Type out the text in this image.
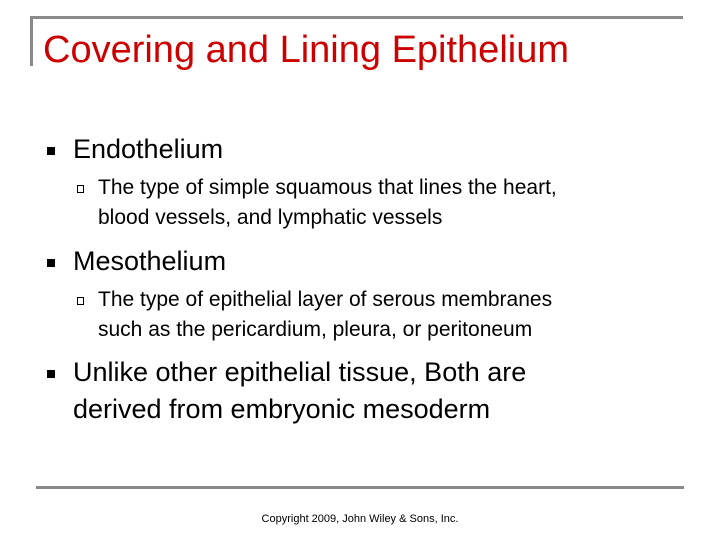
Covering and Lining Epithelium
Endothelium
The type of simple squamous that lines the heart,
blood vessels, and lymphatic vessels
Mesothelium
The type of epithelial layer of serous membranes
such as the pericardium, pleura, or peritoneum
Unlike other epithelial tissue, Both are
derived from embryonic mesoderm
Copyright 2009, John Wiley & Sons, Inc.
